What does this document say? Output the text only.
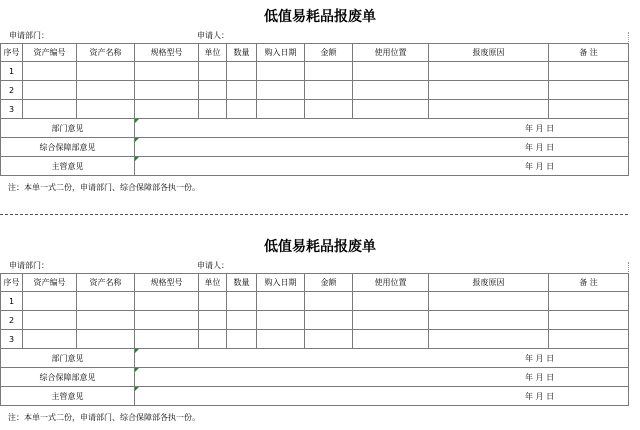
低值易耗品报废单
申请部门：	申请人：
序号	资产编号	资产名称	规格型号	单位	数量	购入日期	金额	使用位置	报废原因	备 注
1										
2										
3										
部门意见			年 月 日							

综合保障部意见			年 月 日							

主管意见			年 月 日							
注：本单一式二份，申请部门、综合保障部各执一份。
低值易耗品报废单
申请部门：	申请人：
序号	资产编号	资产名称	规格型号	单位	数量	购入日期	金额	使用位置	报废原因	备 注
1										
2										
3										
部门意见			年 月 日							

综合保障部意见			年 月 日							

主管意见			年 月 日							
注：本单一式二份，申请部门、综合保障部各执一份。
